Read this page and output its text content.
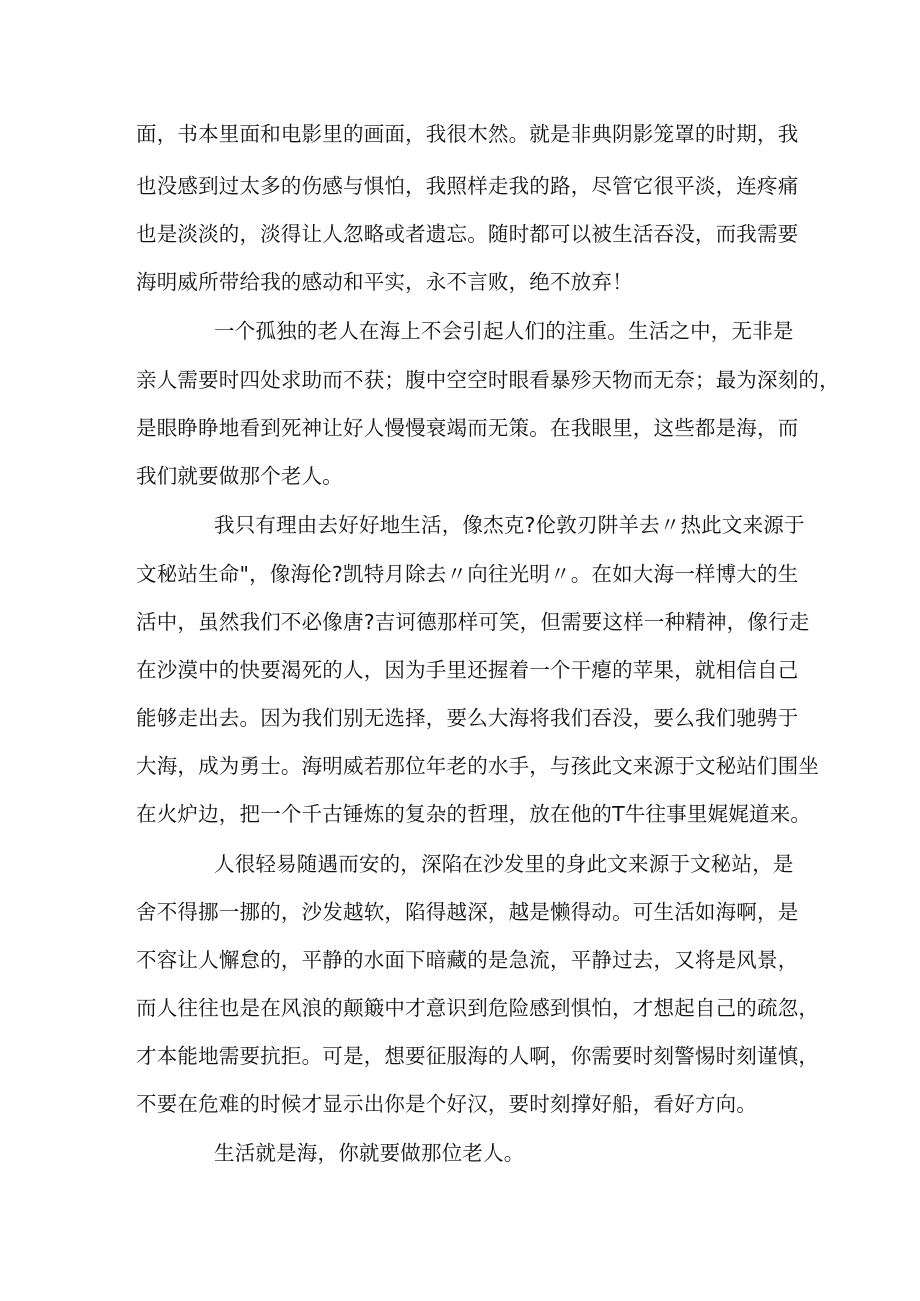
面，书本里面和电影里的画面，我很木然。就是非典阴影笼罩的时期，我
也没感到过太多的伤感与惧怕，我照样走我的路，尽管它很平淡，连疼痛
也是淡淡的，淡得让人忽略或者遗忘。随时都可以被生活吞没，而我需要
海明威所带给我的感动和平实，永不言败，绝不放弃！
一个孤独的老人在海上不会引起人们的注重。生活之中，无非是
亲人需要时四处求助而不获；腹中空空时眼看暴殄天物而无奈；最为深刻的，
是眼睁睁地看到死神让好人慢慢衰竭而无策。在我眼里，这些都是海，而
我们就要做那个老人。
我只有理由去好好地生活，像杰克?伦敦刃阱羊去〃热此文来源于
文秘站生命"，像海伦?凯特月除去〃向往光明〃。在如大海一样博大的生
活中，虽然我们不必像唐?吉诃德那样可笑，但需要这样一种精神，像行走
在沙漠中的快要渴死的人，因为手里还握着一个干瘪的苹果，就相信自己
能够走出去。因为我们别无选择，要么大海将我们吞没，要么我们驰骋于
大海，成为勇士。海明威若那位年老的水手，与孩此文来源于文秘站们围坐
在火炉边，把一个千古锤炼的复杂的哲理，放在他的T牛往事里娓娓道来。
人很轻易随遇而安的，深陷在沙发里的身此文来源于文秘站，是
舍不得挪一挪的，沙发越软，陷得越深，越是懒得动。可生活如海啊，是
不容让人懈怠的，平静的水面下暗藏的是急流，平静过去，又将是风景，
而人往往也是在风浪的颠簸中才意识到危险感到惧怕，才想起自己的疏忽，
才本能地需要抗拒。可是，想要征服海的人啊，你需要时刻警惕时刻谨慎，
不要在危难的时候才显示出你是个好汉，要时刻撑好船，看好方向。
生活就是海，你就要做那位老人。
